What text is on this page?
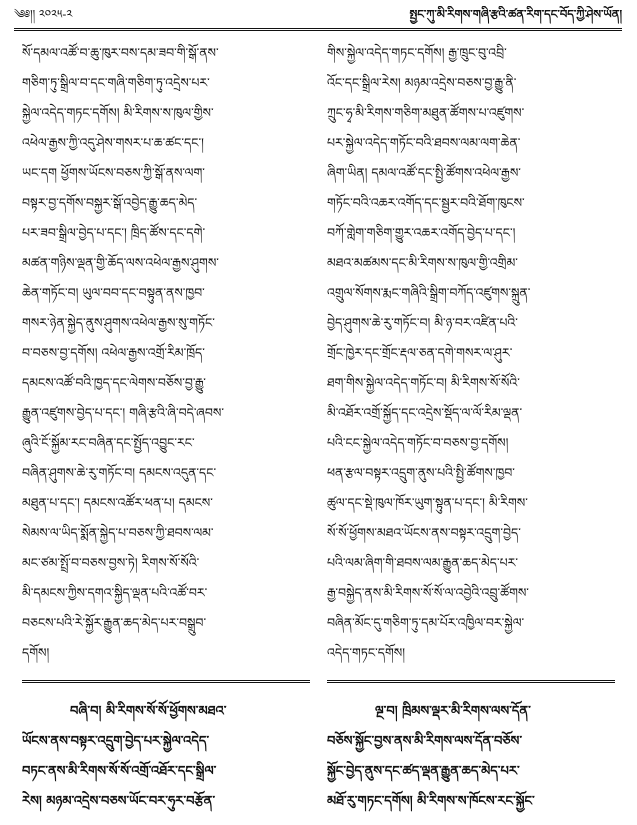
༄༅།། ༢༠༢༥-༢	སྤྱང་ཀུ་མི་རིགས་གཞི་རྩའི་ཚན་རིག་དང་བོད་ཀྱི་ཤེས་ཡོན།
སོ་དམལ་འཚོ་བ་ཆུ་ཁུར་བས་དམ་ཟབ་གི་སྒོ་ནས་
གཅིག་ཏུ་སྒྲིལ་བ་དང་གཞི་གཅིག་ཏུ་འདྲེས་པར་
སྐྱེལ་འདེད་གཏང་དགོས། མི་རིགས་ས་ཁུལ་གྱིས་
འཕེལ་རྒྱས་ཀྱི་འདུ་ཤེས་གསར་པ་ཆ་ཚང་དང་།
ཡང་དག ཕྱོགས་ཡོངས་བཅས་ཀྱི་སྒོ་ནས་ལག་
བསྟར་བྱ་དགོས་བསྐྱར་སྒོ་འབྱེད་རྒྱུ་ཆད་མེད་
པར་ཟབ་སྒྲིལ་བྱེད་པ་དང་། ཁྲིད་ཚོས་དང་དགེ་
མཚན་གཉིས་ལྡན་གྱི་ཆོད་ལས་འཕེལ་རྒྱས་ཤུགས་
ཆེན་གཏོང་བ། ཡུལ་བབ་དང་བསྟུན་ནས་ཁྱབ་
གསར་ཉེན་སྐྱེད་ནུས་ཤུགས་འཕེལ་རྒྱས་སུ་གཏོང་
བ་བཅས་བྱ་དགོས། འཕེལ་རྒྱས་འགྲོ་རིམ་ཁྲོད་
དམངས་འཚོ་བའི་ཁྱད་དང་ལེགས་བཅོས་བྱ་རྒྱུ་
རྒྱུན་འཛུགས་བྱེད་པ་དང་། གཞི་རྩའི་ཞི་བདེ་ཞབས་
ཞུའི་ངོ་སྐྱོམ་རང་བཞིན་དང་སྤྱོད་འབྱུང་རང་
བཞིན་ཤུགས་ཆེ་རུ་གཏོང་བ། དམངས་འདུན་དང་
མཐུན་པ་དང་། དམངས་འཚོར་ཕན་པ། དམངས་
སེམས་ལ་ཡིད་སྨོན་སྐྱེད་པ་བཅས་ཀྱི་ཐབས་ལམ་
མང་ཙམ་སྤྲོ་བ་བཅས་བྱས་ཏེ། རིགས་སོ་སོའི་
མི་དམངས་ཀྱིས་དགའ་སྐྱིད་ལྡན་པའི་འཚོ་བར་
བཅངས་པའི་རེ་སྐྱོར་རྒྱུན་ཆད་མེད་པར་བསྒྲུབ་
དགོས།
བཞི་བ། མི་རིགས་སོ་སོ་ཕྱོགས་མཐའ་
ཡོངས་ནས་བསྟར་འདྲུག་བྱེད་པར་སྐྱེལ་འདེད་
བཏང་ནས་མི་རིགས་སོ་སོ་འགྲོ་འཐོར་དང་སྒྲིལ་
རེས། མཉམ་འདྲེས་བཅས་ཡོང་བར་ཧུར་བརྩོན་
གིས་སྐྱེལ་འདེད་གཏང་དགོས། རྒྱ་ཁྲུང་བུ་འབྲི་
འོང་དང་སྒྲིལ་རེས། མཉམ་འདྲེས་བཅས་བྱ་རྒྱུ་ནི་
ཀྲུང་ཧྭ་མི་རིགས་གཅིག་མཐུན་ཚོགས་པ་འཛུགས་
པར་སྐྱེལ་འདེད་གཏོང་བའི་ཐབས་ལམ་ལག་ཆེན་
ཞིག་ཡིན། དམལ་འཚོ་དང་སྤྱི་ཚོགས་འཕེལ་རྒྱས་
གཏོང་བའི་འཆར་འགོད་དང་སྦྱར་བའི་ཐོག་ཁུངས་
བཀོ་གླེག་གཅིག་གྱུར་འཆར་འགོད་བྱེད་པ་དང་།
མཐའ་མཚམས་དང་མི་རིགས་ས་ཁུལ་གྱི་འགྲིམ་
འགྲུལ་སོགས་རྨང་གཞིའི་སྒྲིག་བཀོད་འཛུགས་སྐྲུན་
བྱེད་ཤུགས་ཆེ་རུ་གཏོང་བ། མི་ཉ་བར་འཛིན་པའི་
གྲོང་ཁྱེར་དང་གྲོང་རྡལ་ཅན་དགེ་གསར་ལ་ཤུར་
ཐག་གིས་སྐྱེལ་འདེད་གཏོང་བ། མི་རིགས་སོ་སོའི་
མི་འཐོར་འགྲོ་སྐྱོད་དང་འདྲེས་སྡོད་ལ་ལོ་རིམ་ལྡན་
པའི་ངང་སྐྱེལ་འདེད་གཏོང་བ་བཅས་བྱ་དགོས།
ཕན་རྩལ་བསྟར་འདྲུག་ནུས་པའི་སྤྱི་ཚོགས་ཁྱབ་
ཚུལ་དང་སྡེ་ཁུལ་ཁོར་ཡུག་སྟུན་པ་དང་། མི་རིགས་
སོ་སོ་ཕྱོགས་མཐའ་ཡོངས་ནས་བསྟར་འདྲུག་བྱེད་
པའི་ལམ་ཞིག་གི་ཐབས་ལམ་རྒྱུན་ཆད་མེད་པར་
རྒྱ་བསྐྱེད་ནས་མི་རིགས་སོ་སོ་ལ་འབྱེའི་འབྲུ་ཚོགས་
བཞིན་མོང་དུ་གཅིག་ཏུ་དམ་པོར་འཁྱིལ་བར་སྐྱེལ་
འདེད་གཏང་དགོས།
ལྔ་བ། ཁྲིམས་ལྡར་མི་རིགས་ལས་དོན་
བཅོས་སྐྱོང་བྱས་ནས་མི་རིགས་ལས་དོན་བཅོས་
སྐྱོང་བྱེད་ནུས་དང་ཚད་ལྡན་རྒྱུན་ཆད་མེད་པར་
མཐོ་རུ་གཏང་དགོས། མི་རིགས་ས་ཁོངས་རང་སྐྱོང་
